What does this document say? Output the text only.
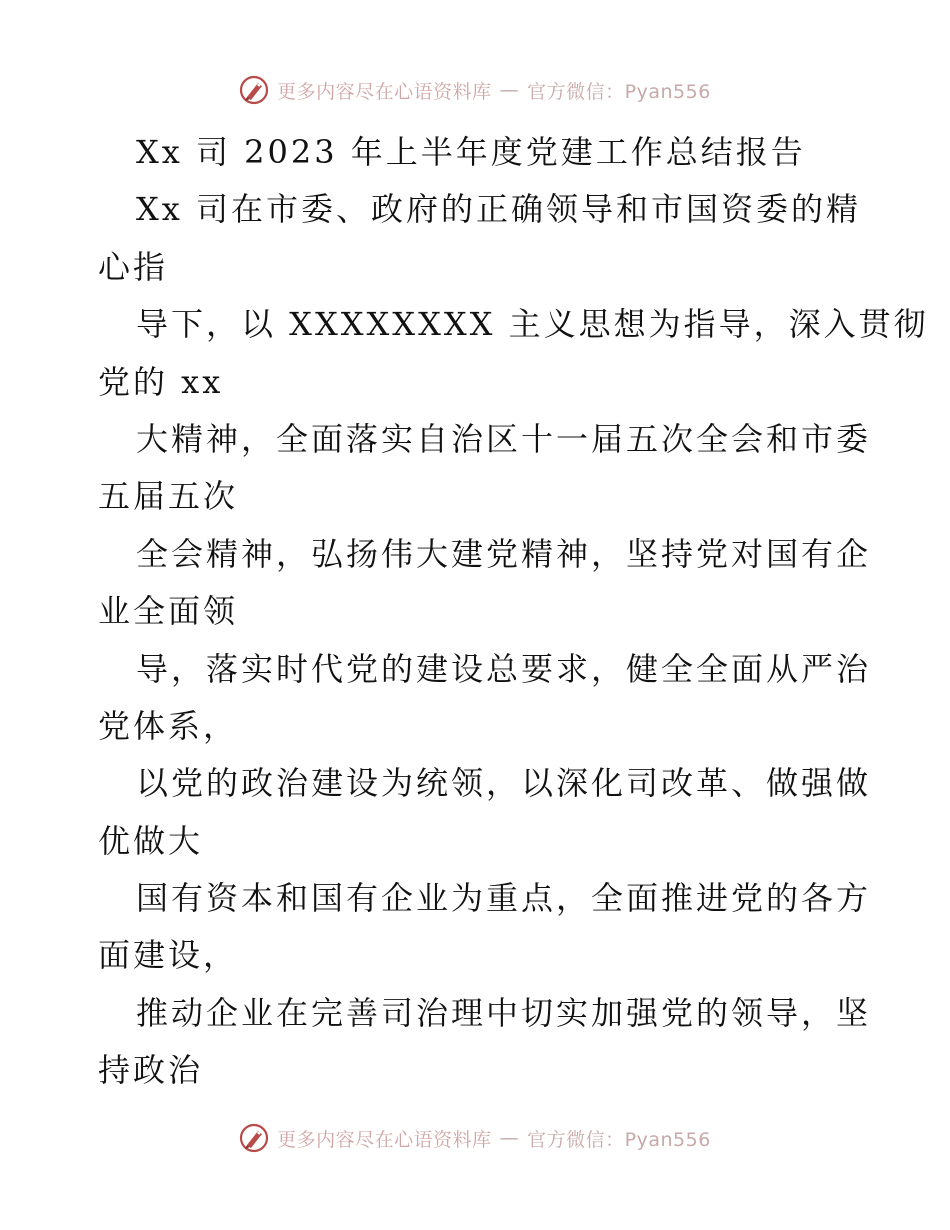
更多内容尽在心语资料库 — 官方微信：Pyan556
Xx 司 2023 年上半年度党建工作总结报告
Xx 司在市委、政府的正确领导和市国资委的精
心指
导下，以 XXXXXXXX 主义思想为指导，深入贯彻
党的 xx
大精神，全面落实自治区十一届五次全会和市委
五届五次
全会精神，弘扬伟大建党精神，坚持党对国有企
业全面领
导，落实时代党的建设总要求，健全全面从严治
党体系，
以党的政治建设为统领，以深化司改革、做强做
优做大
国有资本和国有企业为重点，全面推进党的各方
面建设，
推动企业在完善司治理中切实加强党的领导，坚
持政治
更多内容尽在心语资料库 — 官方微信：Pyan556
